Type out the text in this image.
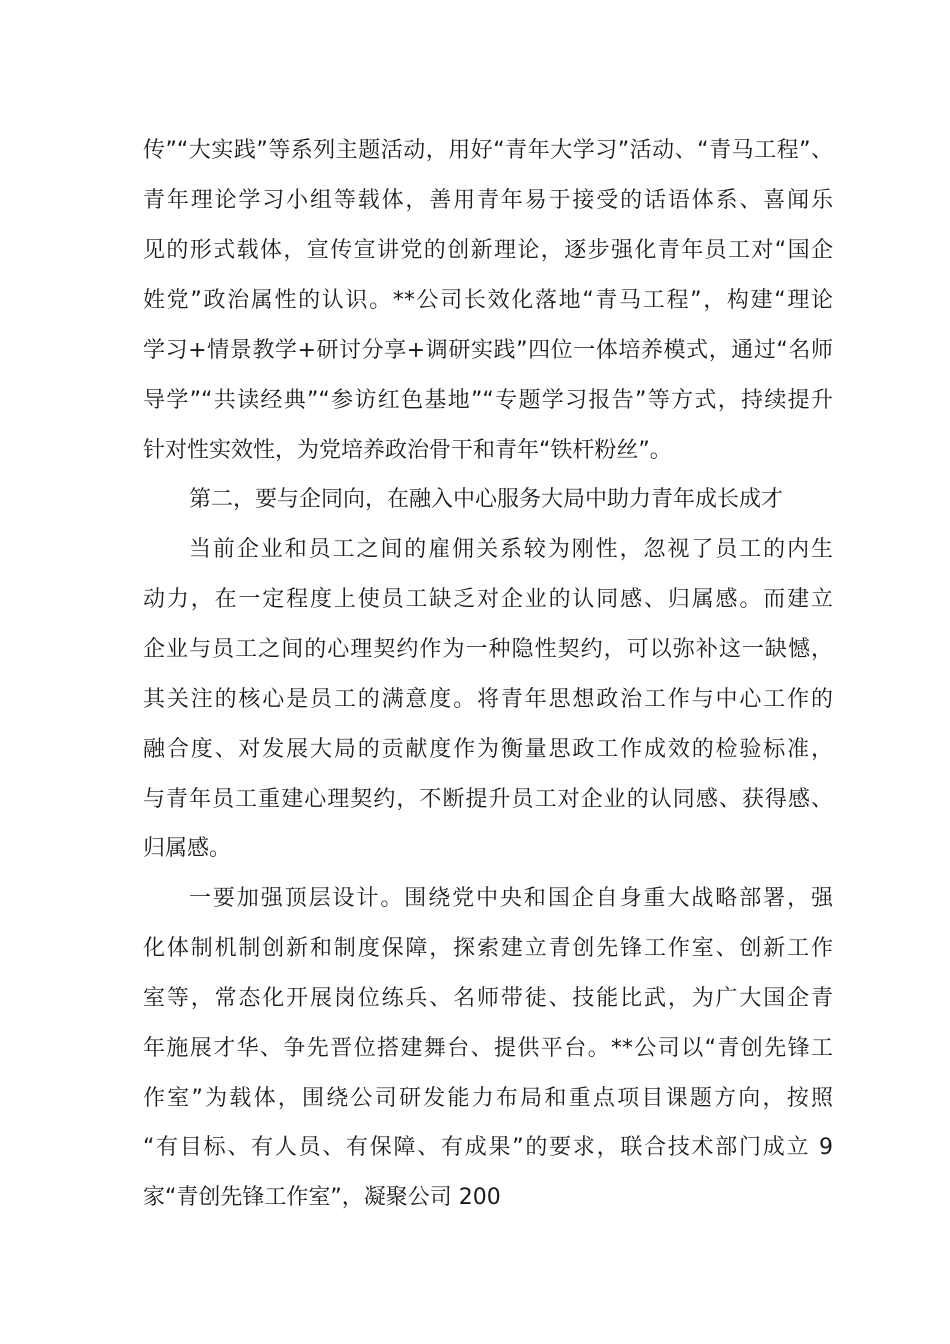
传”“大实践”等系列主题活动，用好“青年大学习”活动、“青马工程”、
青年理论学习小组等载体，善用青年易于接受的话语体系、喜闻乐
见的形式载体，宣传宣讲党的创新理论，逐步强化青年员工对“国企
姓党”政治属性的认识。**公司长效化落地“青马工程”，构建“理论
学习+情景教学+研讨分享+调研实践”四位一体培养模式，通过“名师
导学”“共读经典”“参访红色基地”“专题学习报告”等方式，持续提升
针对性实效性，为党培养政治骨干和青年“铁杆粉丝”。
第二，要与企同向，在融入中心服务大局中助力青年成长成才
当前企业和员工之间的雇佣关系较为刚性，忽视了员工的内生
动力，在一定程度上使员工缺乏对企业的认同感、归属感。而建立
企业与员工之间的心理契约作为一种隐性契约，可以弥补这一缺憾，
其关注的核心是员工的满意度。将青年思想政治工作与中心工作的
融合度、对发展大局的贡献度作为衡量思政工作成效的检验标准，
与青年员工重建心理契约，不断提升员工对企业的认同感、获得感、
归属感。
一要加强顶层设计。围绕党中央和国企自身重大战略部署，强
化体制机制创新和制度保障，探索建立青创先锋工作室、创新工作
室等，常态化开展岗位练兵、名师带徒、技能比武，为广大国企青
年施展才华、争先晋位搭建舞台、提供平台。**公司以“青创先锋工
作室”为载体，围绕公司研发能力布局和重点项目课题方向，按照
“有目标、有人员、有保障、有成果”的要求，联合技术部门成立 9
家“青创先锋工作室”，凝聚公司 200
